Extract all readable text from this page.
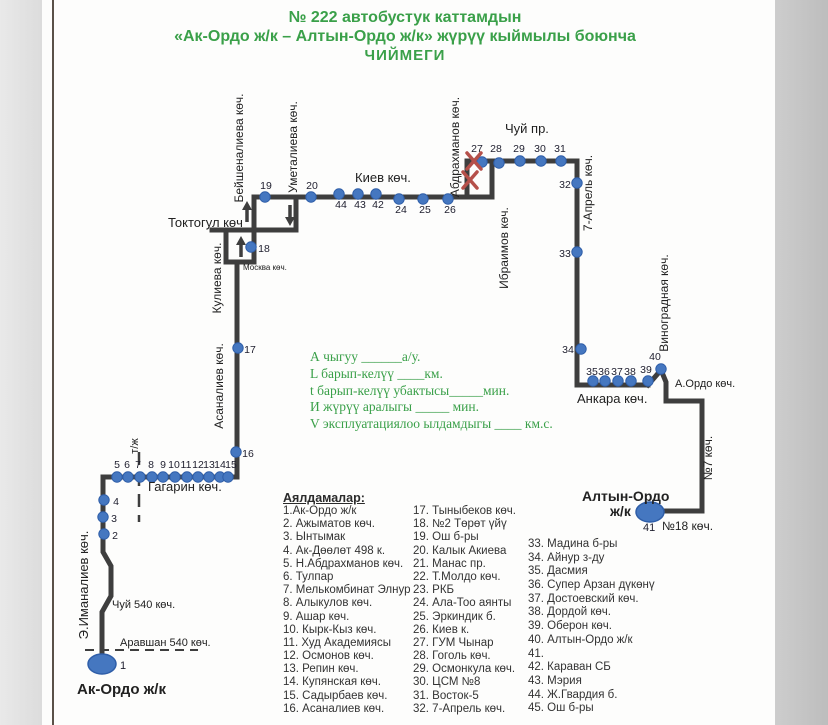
№ 222 автобустук каттамдын
«Ак-Ордо ж/к – Алтын-Ордо ж/к» жүрүү кыймылы боюнча
ЧИЙМЕГИ
2
3
4
5 6 7 8 9 10 11 12 13 14 15
16
17
18
19	20
44 43 42 24 25 26
27 28 29 30 31
32
33
34
35 36 37 38 39
40
1
41
Э.Иманалиев көч.
Бейшеналиева көч.	Уметалиева көч.
Кулиева көч.
Асаналиев көч.
Абдрахманов көч.
Ибраимов көч.
7-Апрель көч.
Виноградная көч.
№7 көч.
т/ж
Токтогул көч
Москва көч.
Киев көч.
Чуй пр.
Анкара көч.
А.Ордо көч.
Гагарин көч.
Чуй 540 көч.
Аравшан 540 көч.
№18 көч.
Ак-Ордо ж/к
Алтын-Ордо
ж/к
А чыгуу ______а/у.
L барып-келүү ____км.
t барып-келүү убактысы_____мин.
И жүрүү аралыгы _____ мин.
V эксплуатациялоо ылдамдыгы ____ км.с.
Аялдамалар:
1.Ак-Ордо ж/к
2. Ажыматов көч.
3. Ынтымак
4. Ак-Дөөлөт 498 к.
5. Н.Абдрахманов көч.
6. Тулпар
7. Мелькомбинат Элнур
8. Алыкулов көч.
9. Ашар көч.
10. Кырк-Кыз көч.
11. Худ Академиясы
12. Осмонов көч.
13. Репин көч.
14. Купянская көч.
15. Садырбаев көч.
16. Асаналиев көч.
17. Тыныбеков көч.
18. №2 Төрөт үйү
19. Ош б-ры
20. Калык Акиева
21. Манас пр.
22. Т.Молдо көч.
23. РКБ
24. Ала-Тоо аянты
25. Эркиндик б.
26. Киев к.
27. ГУМ Чынар
28. Гоголь көч.
29. Осмонкула көч.
30. ЦСМ №8
31. Восток-5
32. 7-Апрель көч.
33. Мадина б-ры
34. Айнур з-ду
35. Дасмия
36. Супер Арзан дүкөнү
37. Достоевский көч.
38. Дордой көч.
39. Оберон көч.
40. Алтын-Ордо ж/к
41.
42. Караван СБ
43. Мэрия
44. Ж.Гвардия б.
45. Ош б-ры
